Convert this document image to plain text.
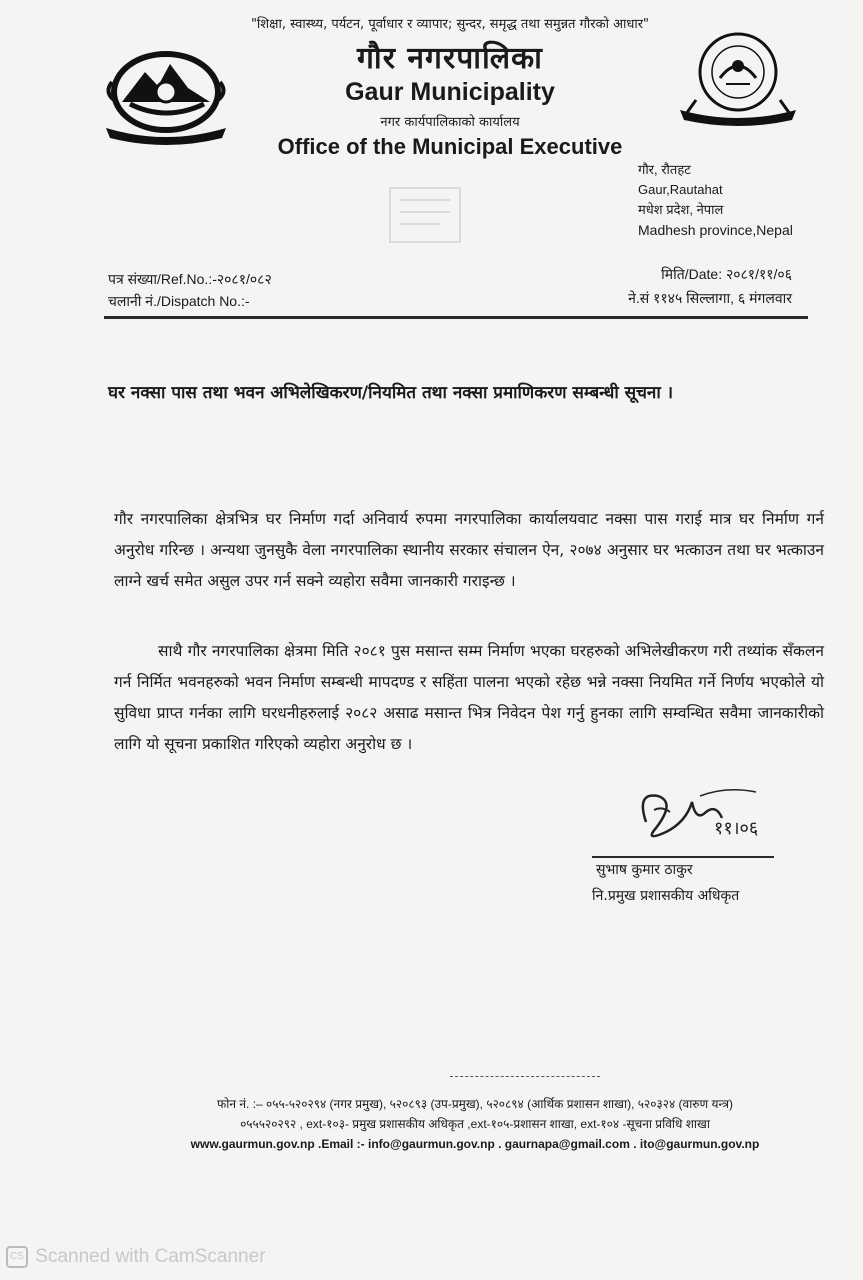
"शिक्षा, स्वास्थ्य, पर्यटन, पूर्वाधार र व्यापार; सुन्दर, समृद्ध तथा समुन्नत गौरको आधार"
गौर नगरपालिका
Gaur Municipality
नगर कार्यपालिकाको कार्यालय
Office of the Municipal Executive
गौर, रौतहट
Gaur,Rautahat
मधेश प्रदेश, नेपाल
Madhesh province,Nepal
पत्र संख्या/Ref.No.:-२०८१/०८२
चलानी नं./Dispatch No.:-
मिति/Date: २०८१/११/०६
ने.सं ११४५ सिल्लागा, ६ मंगलवार
घर नक्सा पास तथा भवन अभिलेखिकरण/नियमित तथा नक्सा प्रमाणिकरण सम्बन्धी सूचना ।
गौर नगरपालिका क्षेत्रभित्र घर निर्माण गर्दा अनिवार्य रुपमा नगरपालिका कार्यालयवाट नक्सा पास गराई मात्र घर निर्माण गर्न अनुरोध गरिन्छ । अन्यथा जुनसुकै वेला नगरपालिका स्थानीय सरकार संचालन ऐन, २०७४ अनुसार घर भत्काउन तथा घर भत्काउन लाग्ने खर्च समेत असुल उपर गर्न सक्ने व्यहोरा सवैमा जानकारी गराइन्छ ।
साथै गौर नगरपालिका क्षेत्रमा मिति २०८१ पुस मसान्त सम्म निर्माण भएका घरहरुको अभिलेखीकरण गरी तथ्यांक सँकलन गर्न निर्मित भवनहरुको भवन निर्माण सम्बन्धी मापदण्ड र सहिंता पालना भएको रहेछ भन्ने नक्सा नियमित गर्ने निर्णय भएकोले यो सुविधा प्राप्त गर्नका लागि घरधनीहरुलाई २०८२ असाढ मसान्त भित्र निवेदन पेश गर्नु हुनका लागि सम्वन्धित सवैमा जानकारीको लागि यो सूचना प्रकाशित गरिएको व्यहोरा अनुरोध छ ।
११।०६
सुभाष कुमार ठाकुर
नि.प्रमुख प्रशासकीय अधिकृत
फोन नं. :– ०५५-५२०२९४ (नगर प्रमुख), ५२०८९३ (उप-प्रमुख), ५२०८९४ (आर्थिक प्रशासन शाखा), ५२०३२४ (वारुण यन्त्र)
०५५५२०२९२ , ext-१०३- प्रमुख प्रशासकीय अधिकृत ,ext-१०५-प्रशासन शाखा, ext-१०४ -सूचना प्रविधि शाखा
www.gaurmun.gov.np .Email :- info@gaurmun.gov.np . gaurnapa@gmail.com . ito@gaurmun.gov.np
CS Scanned with CamScanner
